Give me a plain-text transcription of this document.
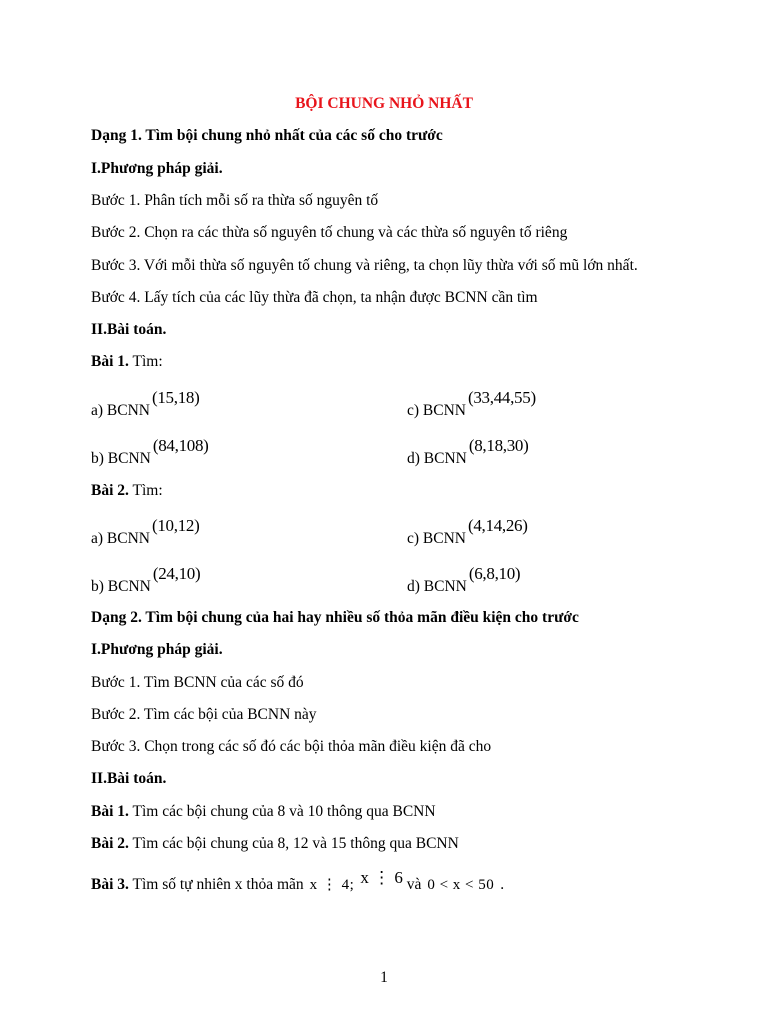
BỘI CHUNG NHỎ NHẤT
Dạng 1. Tìm bội chung nhỏ nhất của các số cho trước
I.Phương pháp giải.
Bước 1. Phân tích mỗi số ra thừa số nguyên tố
Bước 2. Chọn ra các thừa số nguyên tố chung và các thừa số nguyên tố riêng
Bước 3. Với mỗi thừa số nguyên tố chung và riêng, ta chọn lũy thừa với số mũ lớn nhất.
Bước 4. Lấy tích của các lũy thừa đã chọn, ta nhận được BCNN cần tìm
II.Bài toán.
Bài 1. Tìm:
a) BCNN(15,18)
c) BCNN(33,44,55)
b) BCNN(84,108)
d) BCNN(8,18,30)
Bài 2. Tìm:
a) BCNN(10,12)
c) BCNN(4,14,26)
b) BCNN(24,10)
d) BCNN(6,8,10)
Dạng 2. Tìm bội chung của hai hay nhiều số thỏa mãn điều kiện cho trước
I.Phương pháp giải.
Bước 1. Tìm BCNN của các số đó
Bước 2. Tìm các bội của BCNN này
Bước 3. Chọn trong các số đó các bội thỏa mãn điều kiện đã cho
II.Bài toán.
Bài 1. Tìm các bội chung của 8 và 10 thông qua BCNN
Bài 2. Tìm các bội chung của 8, 12 và 15 thông qua BCNN
Bài 3. Tìm số tự nhiên x thỏa mãn x ⋮ 4; x ⋮ 6 và 0 < x < 50 .
1
